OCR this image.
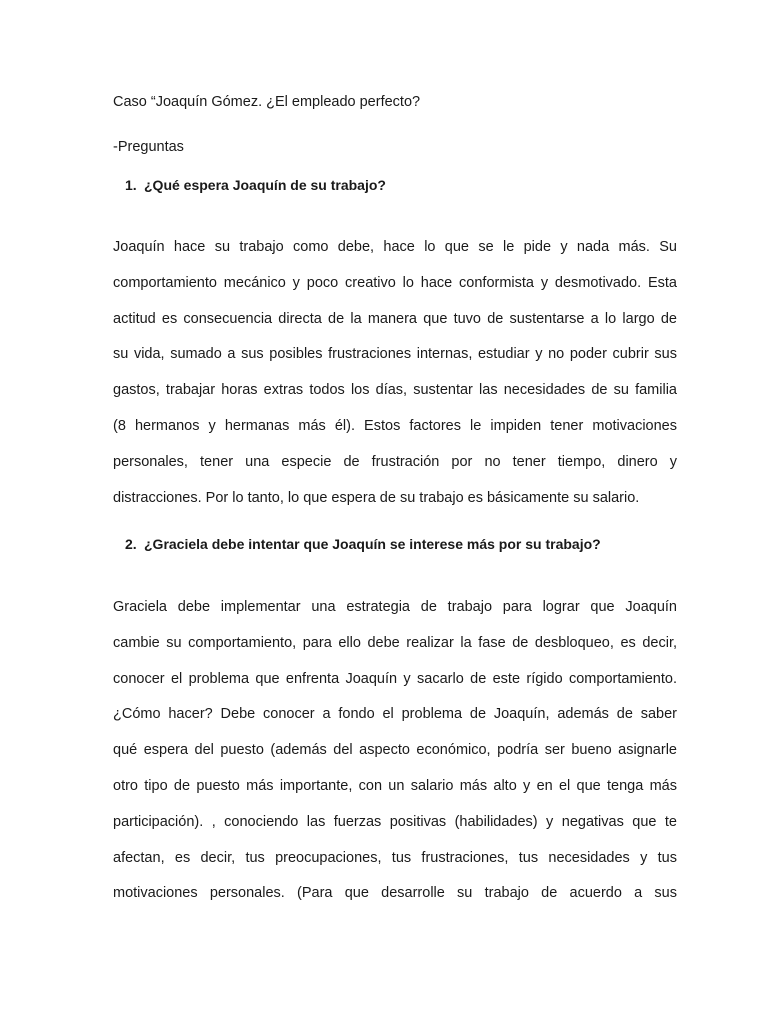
Caso “Joaquín Gómez. ¿El empleado perfecto?
-Preguntas
1. ¿Qué espera Joaquín de su trabajo?

Joaquín hace su trabajo como debe, hace lo que se le pide y nada más. Su
comportamiento mecánico y poco creativo lo hace conformista y desmotivado. Esta
actitud es consecuencia directa de la manera que tuvo de sustentarse a lo largo de
su vida, sumado a sus posibles frustraciones internas, estudiar y no poder cubrir sus
gastos, trabajar horas extras todos los días, sustentar las necesidades de su familia
(8 hermanos y hermanas más él). Estos factores le impiden tener motivaciones
personales, tener una especie de frustración por no tener tiempo, dinero y
distracciones. Por lo tanto, lo que espera de su trabajo es básicamente su salario.

2. ¿Graciela debe intentar que Joaquín se interese más por su trabajo?

Graciela debe implementar una estrategia de trabajo para lograr que Joaquín
cambie su comportamiento, para ello debe realizar la fase de desbloqueo, es decir,
conocer el problema que enfrenta Joaquín y sacarlo de este rígido comportamiento.
¿Cómo hacer? Debe conocer a fondo el problema de Joaquín, además de saber
qué espera del puesto (además del aspecto económico, podría ser bueno asignarle
otro tipo de puesto más importante, con un salario más alto y en el que tenga más
participación). , conociendo las fuerzas positivas (habilidades) y negativas que te
afectan, es decir, tus preocupaciones, tus frustraciones, tus necesidades y tus
motivaciones personales. (Para que desarrolle su trabajo de acuerdo a sus
